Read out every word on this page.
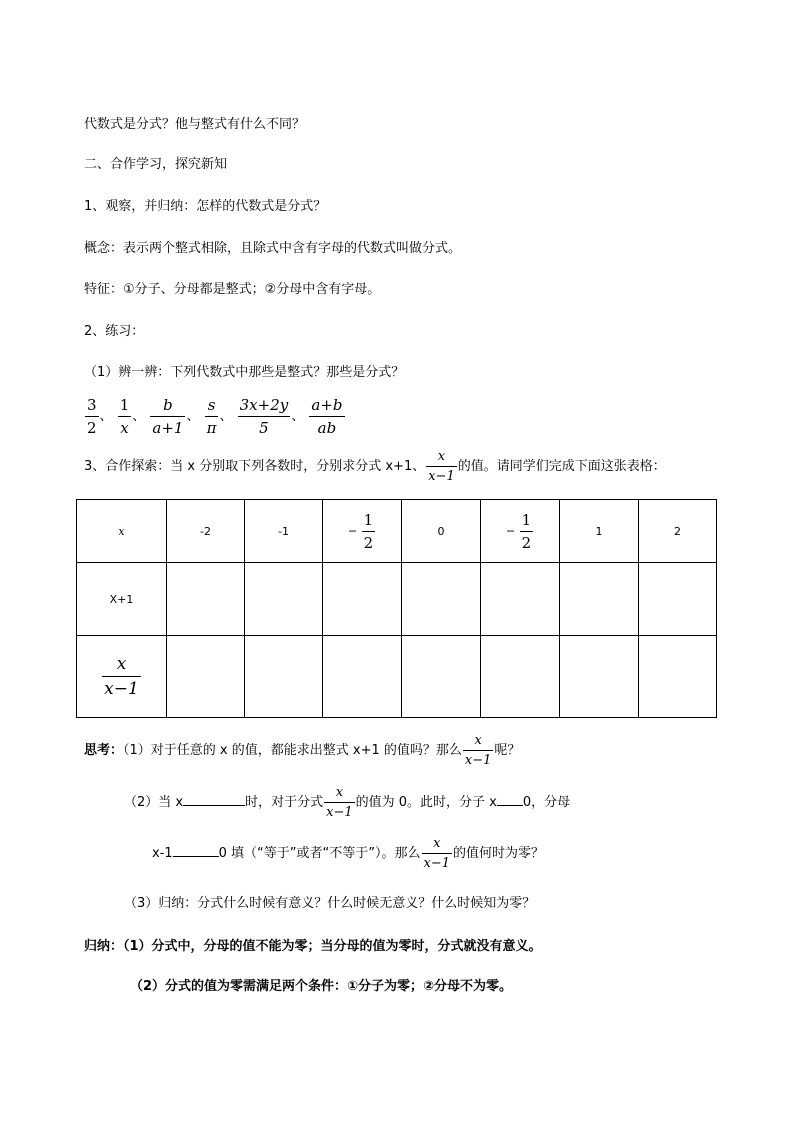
代数式是分式？他与整式有什么不同？
二、合作学习，探究新知
1、观察，并归纳：怎样的代数式是分式？
概念：表示两个整式相除，且除式中含有字母的代数式叫做分式。
特征：①分子、分母都是整式；②分母中含有字母。
2、练习：
（1）辨一辨：下列代数式中那些是整式？那些是分式？
$\frac{3}{2}$ 、 $\frac{1}{x}$ 、 $\frac{b}{a+1}$ 、 $\frac{s}{\pi}$ 、 $\frac{3x+2y}{5}$ 、 $\frac{a+b}{ab}$
3、合作探索：当 x 分别取下列各数时，分别求分式 x+1、 $\frac{x}{x-1}$ 的值。请同学们完成下面这张表格：
x	-2	-1	− $\frac{1}{2}$	0	− $\frac{1}{2}$	1	2
X+1							

$\frac{x}{x-1}$

思考：（1）对于任意的 x 的值，都能求出整式 x+1 的值吗？那么 $\frac{x}{x-1}$ 呢？
（2）当 x	时，对于分式 $\frac{x}{x-1}$ 的值为 0。此时，分子 x 0，分母
x-1	0 填（“等于”或者“不等于”）。那么 $\frac{x}{x-1}$ 的值何时为零？
（3）归纳：分式什么时候有意义？什么时候无意义？什么时候知为零？
归纳：（1）分式中，分母的值不能为零；当分母的值为零时，分式就没有意义。
（2）分式的值为零需满足两个条件：①分子为零；②分母不为零。
